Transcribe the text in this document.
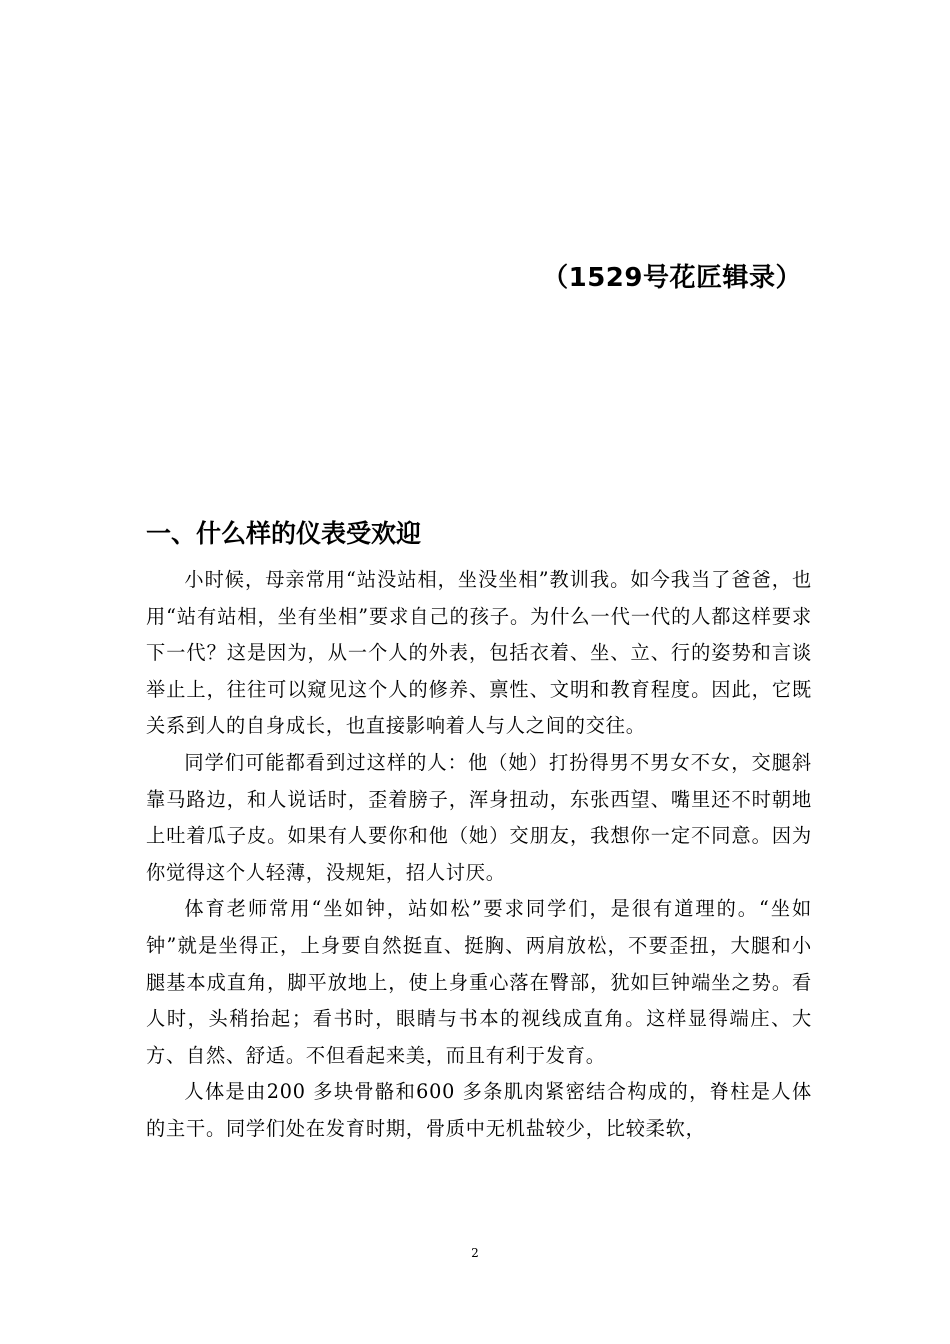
（1529号花匠辑录）
一、什么样的仪表受欢迎

小时候，母亲常用“站没站相，坐没坐相”教训我。如今我当了爸爸，也用“站有站相，坐有坐相”要求自己的孩子。为什么一代一代的人都这样要求下一代？这是因为，从一个人的外表，包括衣着、坐、立、行的姿势和言谈举止上，往往可以窥见这个人的修养、禀性、文明和教育程度。因此，它既关系到人的自身成长，也直接影响着人与人之间的交往。

同学们可能都看到过这样的人：他（她）打扮得男不男女不女，交腿斜靠马路边，和人说话时，歪着膀子，浑身扭动，东张西望、嘴里还不时朝地上吐着瓜子皮。如果有人要你和他（她）交朋友，我想你一定不同意。因为你觉得这个人轻薄，没规矩，招人讨厌。

体育老师常用“坐如钟，站如松”要求同学们，是很有道理的。“坐如钟”就是坐得正，上身要自然挺直、挺胸、两肩放松，不要歪扭，大腿和小腿基本成直角，脚平放地上，使上身重心落在臀部，犹如巨钟端坐之势。看人时，头稍抬起；看书时，眼睛与书本的视线成直角。这样显得端庄、大方、自然、舒适。不但看起来美，而且有利于发育。

人体是由200 多块骨骼和600 多条肌肉紧密结合构成的，脊柱是人体的主干。同学们处在发育时期，骨质中无机盐较少，比较柔软，

2
